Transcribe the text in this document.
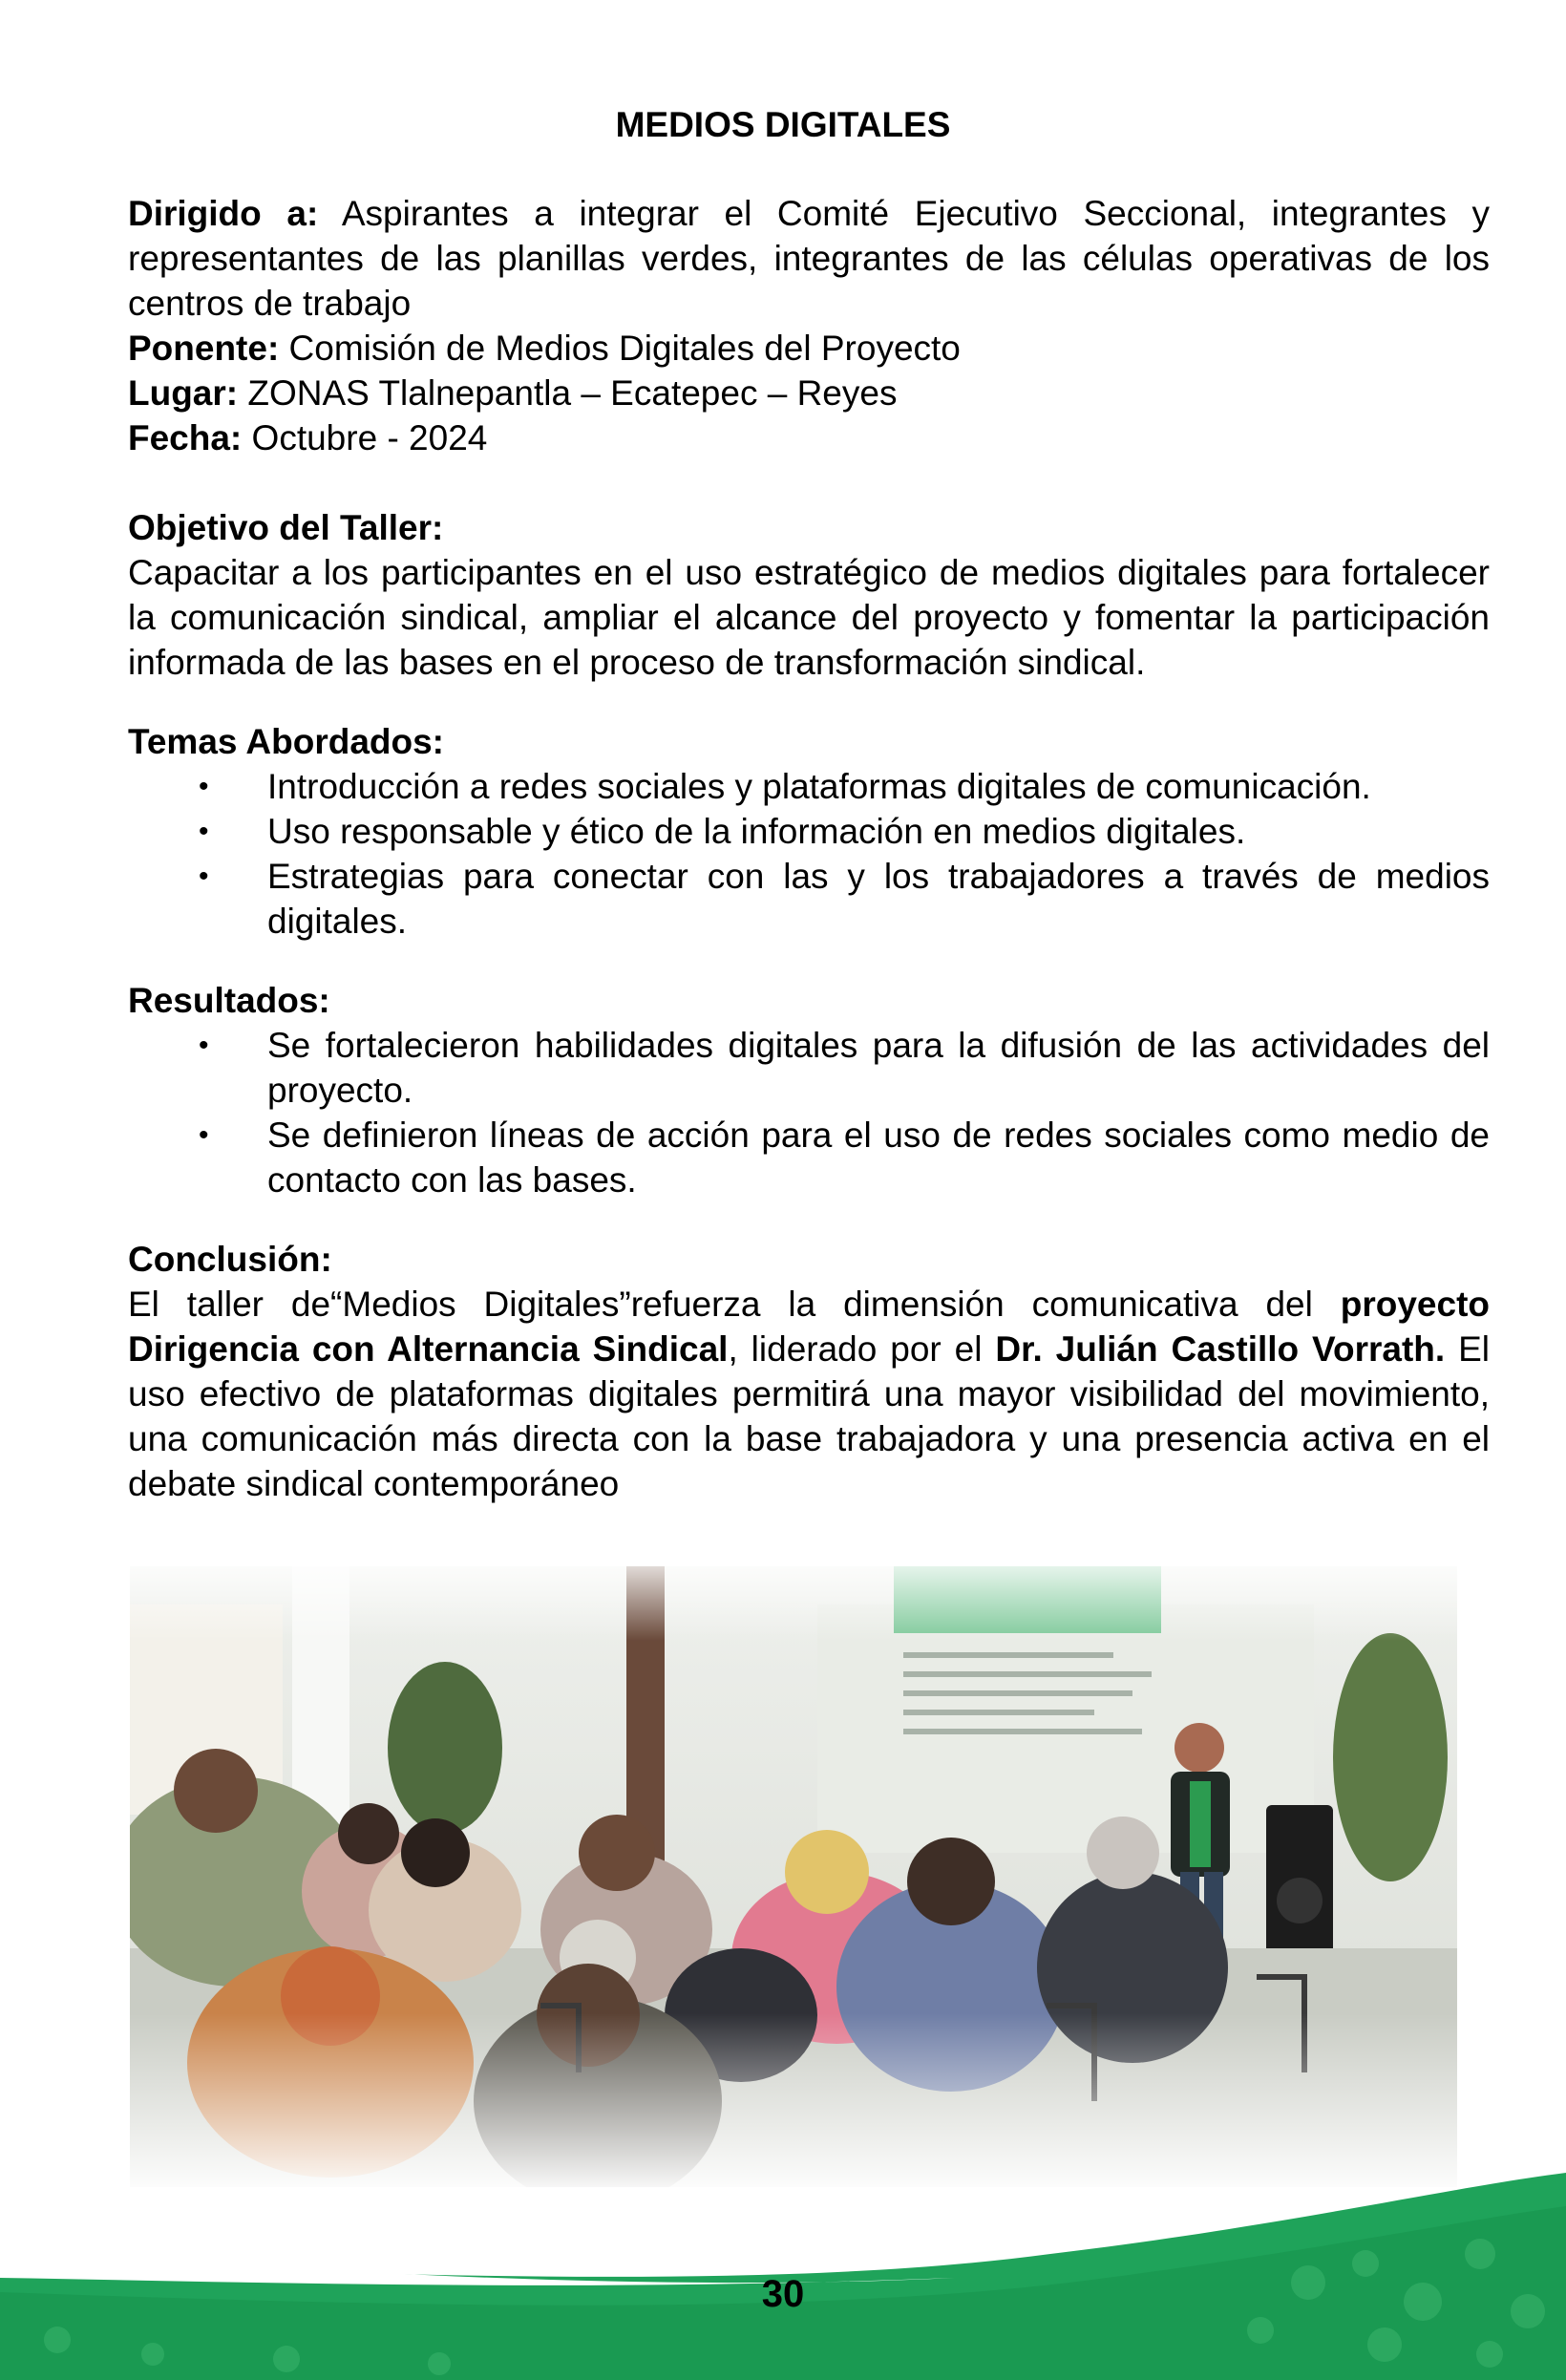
MEDIOS DIGITALES

Dirigido a: Aspirantes a integrar el Comité Ejecutivo Seccional, integrantes y representantes de las planillas verdes, integrantes de las células operativas de los centros de trabajo

Ponente: Comisión de Medios Digitales del Proyecto

Lugar: ZONAS Tlalnepantla – Ecatepec – Reyes

Fecha: Octubre - 2024

Objetivo del Taller:

Capacitar a los participantes en el uso estratégico de medios digitales para fortalecer la comunicación sindical, ampliar el alcance del proyecto y fomentar la participación informada de las bases en el proceso de transformación sindical.

Temas Abordados:

• Introducción a redes sociales y plataformas digitales de comunicación.
• Uso responsable y ético de la información en medios digitales.
• Estrategias para conectar con las y los trabajadores a través de medios digitales.

Resultados:

• Se fortalecieron habilidades digitales para la difusión de las actividades del proyecto.
• Se definieron líneas de acción para el uso de redes sociales como medio de contacto con las bases.

Conclusión:

El taller de“Medios Digitales”refuerza la dimensión comunicativa del proyecto Dirigencia con Alternancia Sindical, liderado por el Dr. Julián Castillo Vorrath. El uso efectivo de plataformas digitales permitirá una mayor visibilidad del movimiento, una comunicación más directa con la base trabajadora y una presencia activa en el debate sindical contemporáneo

30
